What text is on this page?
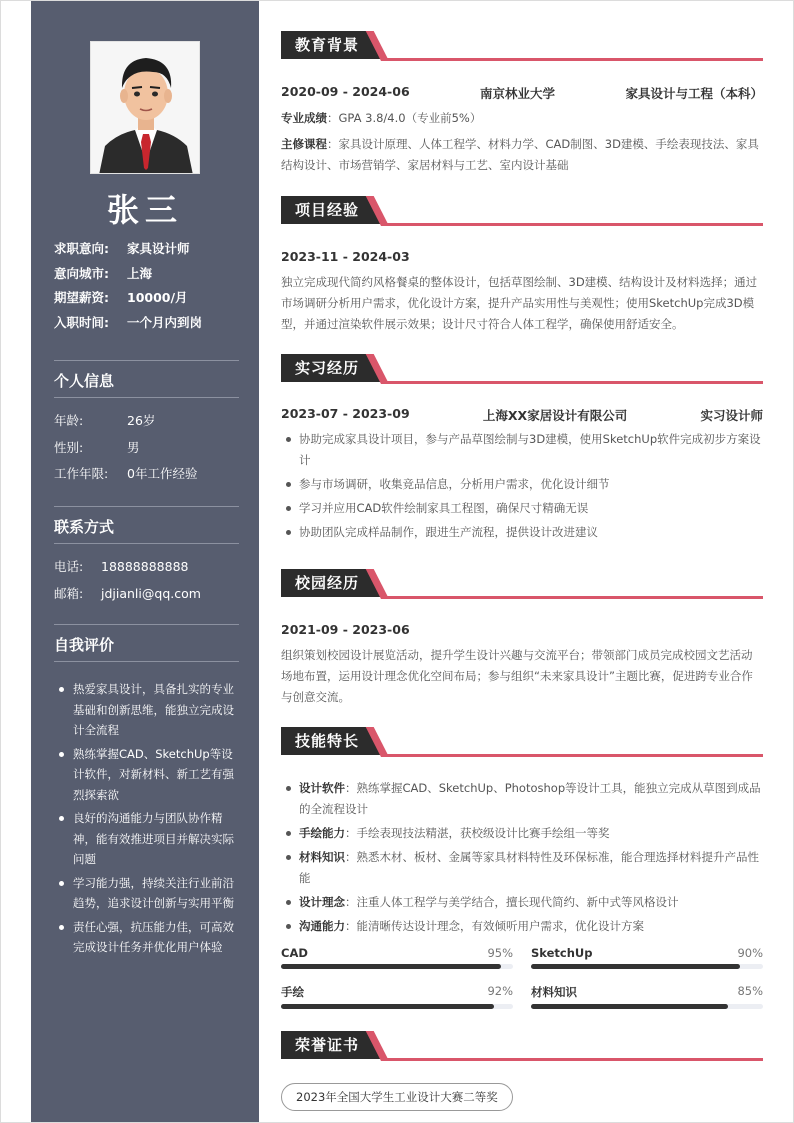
张三
求职意向:	家具设计师
意向城市:	上海
期望薪资:	10000/月
入职时间:	一个月内到岗
个人信息
年龄:	26岁
性别:	男
工作年限:	0年工作经验
联系方式
电话:	18888888888
邮箱:	jdjianli@qq.com
自我评价
热爱家具设计，具备扎实的专业基础和创新思维，能独立完成设计全流程
熟练掌握CAD、SketchUp等设计软件，对新材料、新工艺有强烈探索欲
良好的沟通能力与团队协作精神，能有效推进项目并解决实际问题
学习能力强，持续关注行业前沿趋势，追求设计创新与实用平衡
责任心强，抗压能力佳，可高效完成设计任务并优化用户体验
教育背景
2020-09 - 2024-06	南京林业大学	家具设计与工程（本科）
专业成绩：GPA 3.8/4.0（专业前5%）
主修课程：家具设计原理、人体工程学、材料力学、CAD制图、3D建模、手绘表现技法、家具结构设计、市场营销学、家居材料与工艺、室内设计基础
项目经验
2023-11 - 2024-03
独立完成现代简约风格餐桌的整体设计，包括草图绘制、3D建模、结构设计及材料选择；通过市场调研分析用户需求，优化设计方案，提升产品实用性与美观性；使用SketchUp完成3D模型，并通过渲染软件展示效果；设计尺寸符合人体工程学，确保使用舒适安全。
实习经历
2023-07 - 2023-09	上海XX家居设计有限公司	实习设计师
协助完成家具设计项目，参与产品草图绘制与3D建模，使用SketchUp软件完成初步方案设计
参与市场调研，收集竞品信息，分析用户需求，优化设计细节
学习并应用CAD软件绘制家具工程图，确保尺寸精确无误
协助团队完成样品制作，跟进生产流程，提供设计改进建议
校园经历
2021-09 - 2023-06
组织策划校园设计展览活动，提升学生设计兴趣与交流平台；带领部门成员完成校园文艺活动场地布置，运用设计理念优化空间布局；参与组织“未来家具设计”主题比赛，促进跨专业合作与创意交流。
技能特长
设计软件：熟练掌握CAD、SketchUp、Photoshop等设计工具，能独立完成从草图到成品的全流程设计
手绘能力：手绘表现技法精湛，获校级设计比赛手绘组一等奖
材料知识：熟悉木材、板材、金属等家具材料特性及环保标准，能合理选择材料提升产品性能
设计理念：注重人体工程学与美学结合，擅长现代简约、新中式等风格设计
沟通能力：能清晰传达设计理念，有效倾听用户需求，优化设计方案
CAD	95% SketchUp	90%
手绘	92% 材料知识	85%
荣誉证书
2023年全国大学生工业设计大赛二等奖
